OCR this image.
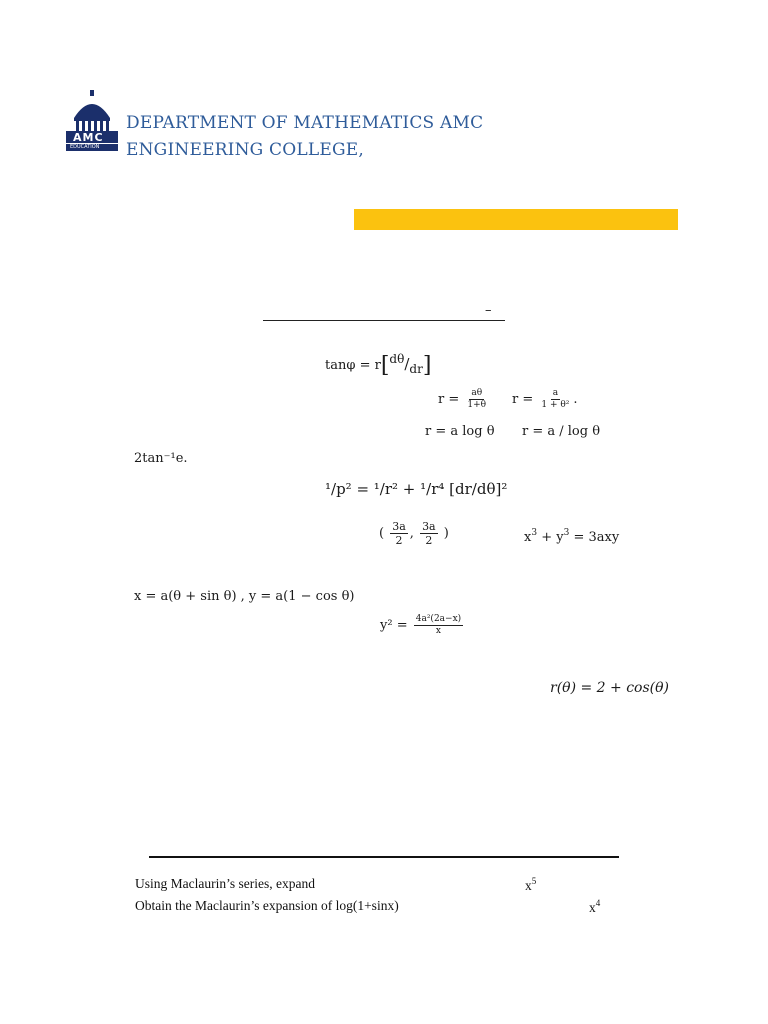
AMC
EDUCATION
DEPARTMENT OF MATHEMATICS AMC ENGINEERING COLLEGE,
–
tanφ = r[dθ/dr]
$r = \frac{a\theta}{1+\theta}$ $r = \frac{a}{\text{1 + θ²}}$ .
r = a log θ r = a / log θ
2tan⁻¹e.
¹/p² = ¹/r² + ¹/r⁴ [dr/dθ]²
( $\frac{3a}{2}$ , $\frac{3a}{2}$ )	$x^3 + y^3 = 3axy$
x = a(θ + sin θ) , y = a(1 − cos θ)
$y^2 = \frac{\text{4a²(2a−x)}}{x}$
r(θ) = 2 + cos(θ)
Using Maclaurin’s series, expand	$x^5$
Obtain the Maclaurin’s expansion of log(1+sinx)	$x^4$
